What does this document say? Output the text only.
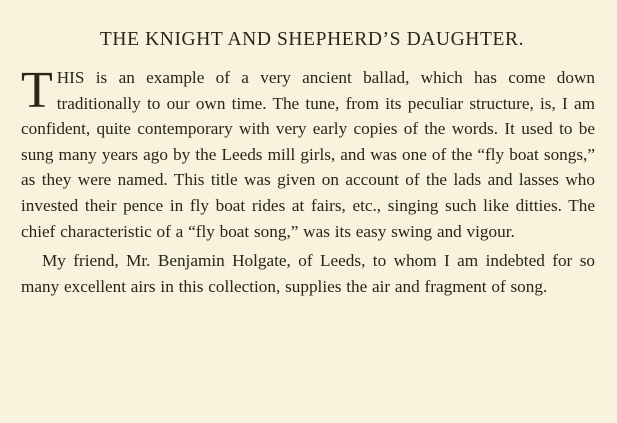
THE KNIGHT AND SHEPHERD’S DAUGHTER.

THIS is an example of a very ancient ballad, which has come down traditionally to our own time. The tune, from its peculiar structure, is, I am confident, quite contemporary with very early copies of the words. It used to be sung many years ago by the Leeds mill girls, and was one of the “fly boat songs,” as they were named. This title was given on account of the lads and lasses who invested their pence in fly boat rides at fairs, etc., singing such like ditties. The chief characteristic of a “fly boat song,” was its easy swing and vigour.

My friend, Mr. Benjamin Holgate, of Leeds, to whom I am indebted for so many excellent airs in this collection, supplies the air and fragment of song.
